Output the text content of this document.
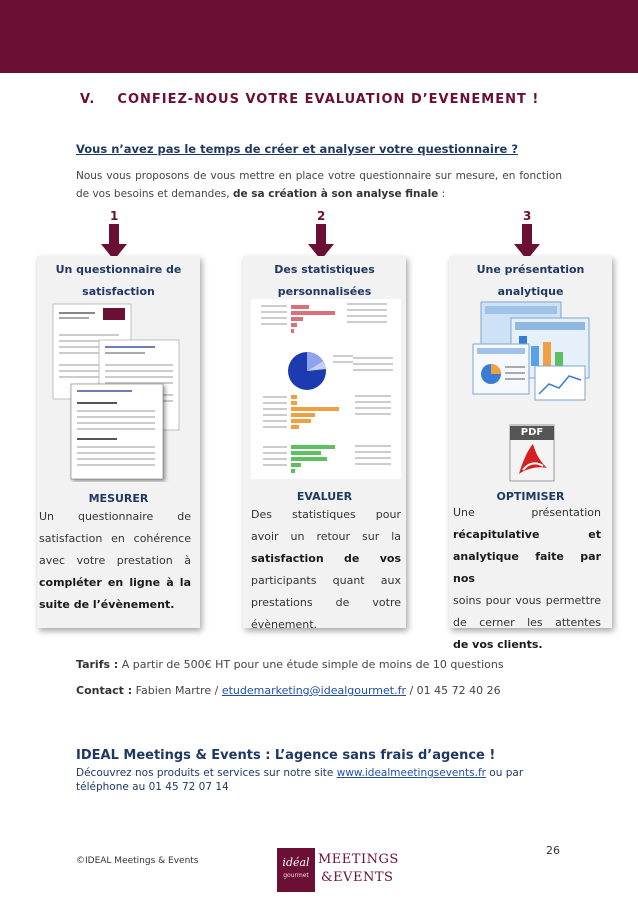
V.    CONFIEZ-NOUS VOTRE EVALUATION D’EVENEMENT !
Vous n’avez pas le temps de créer et analyser votre questionnaire ?
Nous vous proposons de vous mettre en place votre questionnaire sur mesure, en fonction de vos besoins et demandes, de sa création à son analyse finale :
1	2	3
Un questionnaire de
satisfaction
MESURER
Un questionnaire de
satisfaction en cohérence
avec votre prestation à
compléter en ligne à la
suite de l’évènement.
Des statistiques
personnalisées
EVALUER
Des statistiques pour
avoir un retour sur la
satisfaction de vos
participants quant aux
prestations de votre
évènement.
Une présentation
analytique
PDF
OPTIMISER
Une présentation
récapitulative et
analytique faite par nos
soins pour vous permettre
de cerner les attentes
de vos clients.
Tarifs : A partir de 500€ HT pour une étude simple de moins de 10 questions
Contact : Fabien Martre / etudemarketing@idealgourmet.fr / 01 45 72 40 26
IDEAL Meetings & Events : L’agence sans frais d’agence !
Découvrez nos produits et services sur notre site www.idealmeetingsevents.fr ou par téléphone au 01 45 72 07 14
26
©IDEAL Meetings & Events	idéal
gourmet
MEETINGS
&EVENTS
